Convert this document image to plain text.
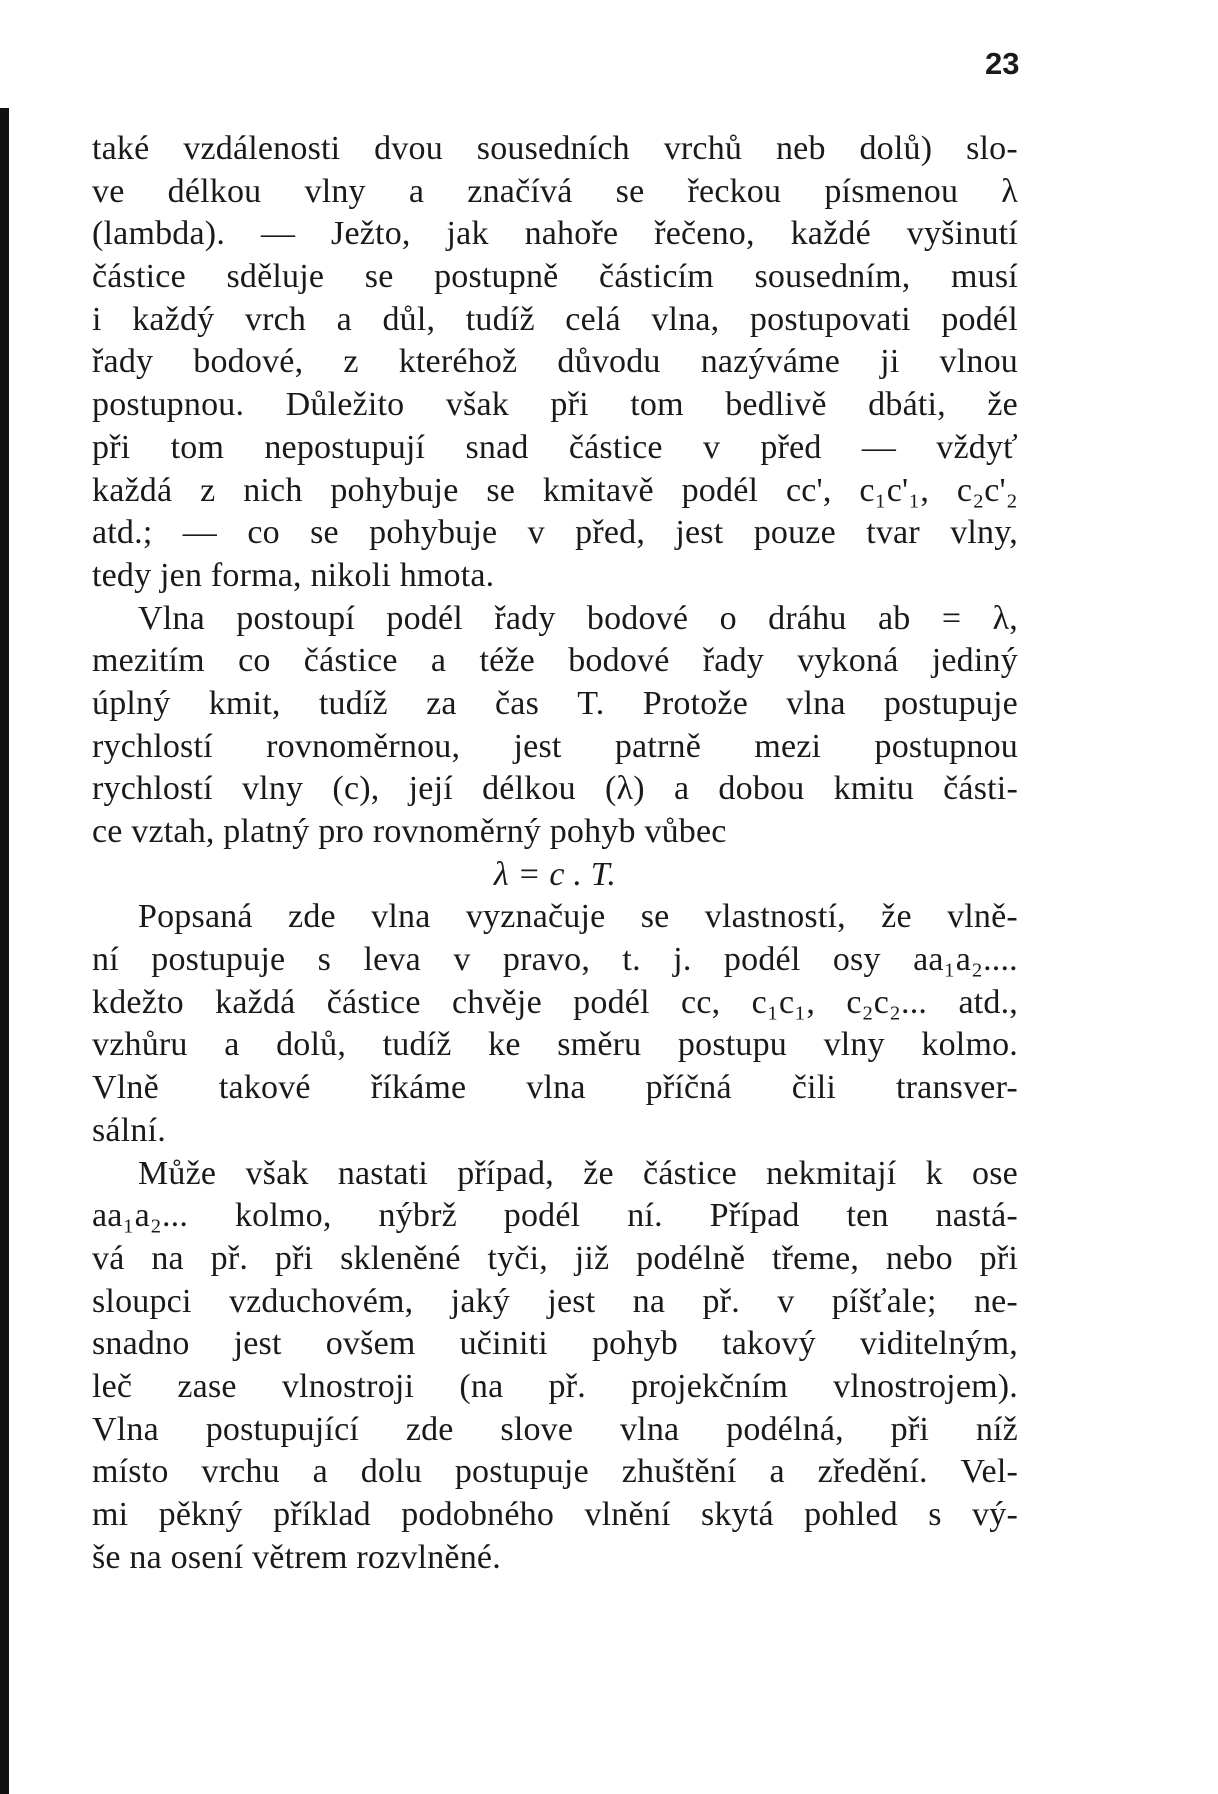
23
také vzdálenosti dvou sousedních vrchů neb dolů) slo-
ve délkou vlny a značívá se řeckou písmenou λ
(lambda). — Ježto, jak nahoře řečeno, každé vyšinutí
částice sděluje se postupně částicím sousedním, musí
i každý vrch a důl, tudíž celá vlna, postupovati podél
řady bodové, z kteréhož důvodu nazýváme ji vlnou
postupnou. Důležito však při tom bedlivě dbáti, že
při tom nepostupují snad částice v před — vždyť
každá z nich pohybuje se kmitavě podél cc', c₁c'₁, c₂c'₂
atd.; — co se pohybuje v před, jest pouze tvar vlny,
tedy jen forma, nikoli hmota.
Vlna postoupí podél řady bodové o dráhu ab = λ,
mezitím co částice a téže bodové řady vykoná jediný
úplný kmit, tudíž za čas T. Protože vlna postupuje
rychlostí rovnoměrnou, jest patrně mezi postupnou
rychlostí vlny (c), její délkou (λ) a dobou kmitu části-
ce vztah, platný pro rovnoměrný pohyb vůbec
λ = c . T.
Popsaná zde vlna vyznačuje se vlastností, že vlně-
ní postupuje s leva v pravo, t. j. podél osy aa₁a₂....
kdežto každá částice chvěje podél cc, c₁c₁, c₂c₂... atd.,
vzhůru a dolů, tudíž ke směru postupu vlny kolmo.
Vlně takové říkáme vlna příčná čili transver-
sální.
Může však nastati případ, že částice nekmitají k ose
aa₁a₂... kolmo, nýbrž podél ní. Případ ten nastá-
vá na př. při skleněné tyči, již podélně třeme, nebo při
sloupci vzduchovém, jaký jest na př. v píšťale; ne-
snadno jest ovšem učiniti pohyb takový viditelným,
leč zase vlnostroji (na př. projekčním vlnostrojem).
Vlna postupující zde slove vlna podélná, při níž
místo vrchu a dolu postupuje zhuštění a zředění. Vel-
mi pěkný příklad podobného vlnění skytá pohled s vý-
še na osení větrem rozvlněné.
